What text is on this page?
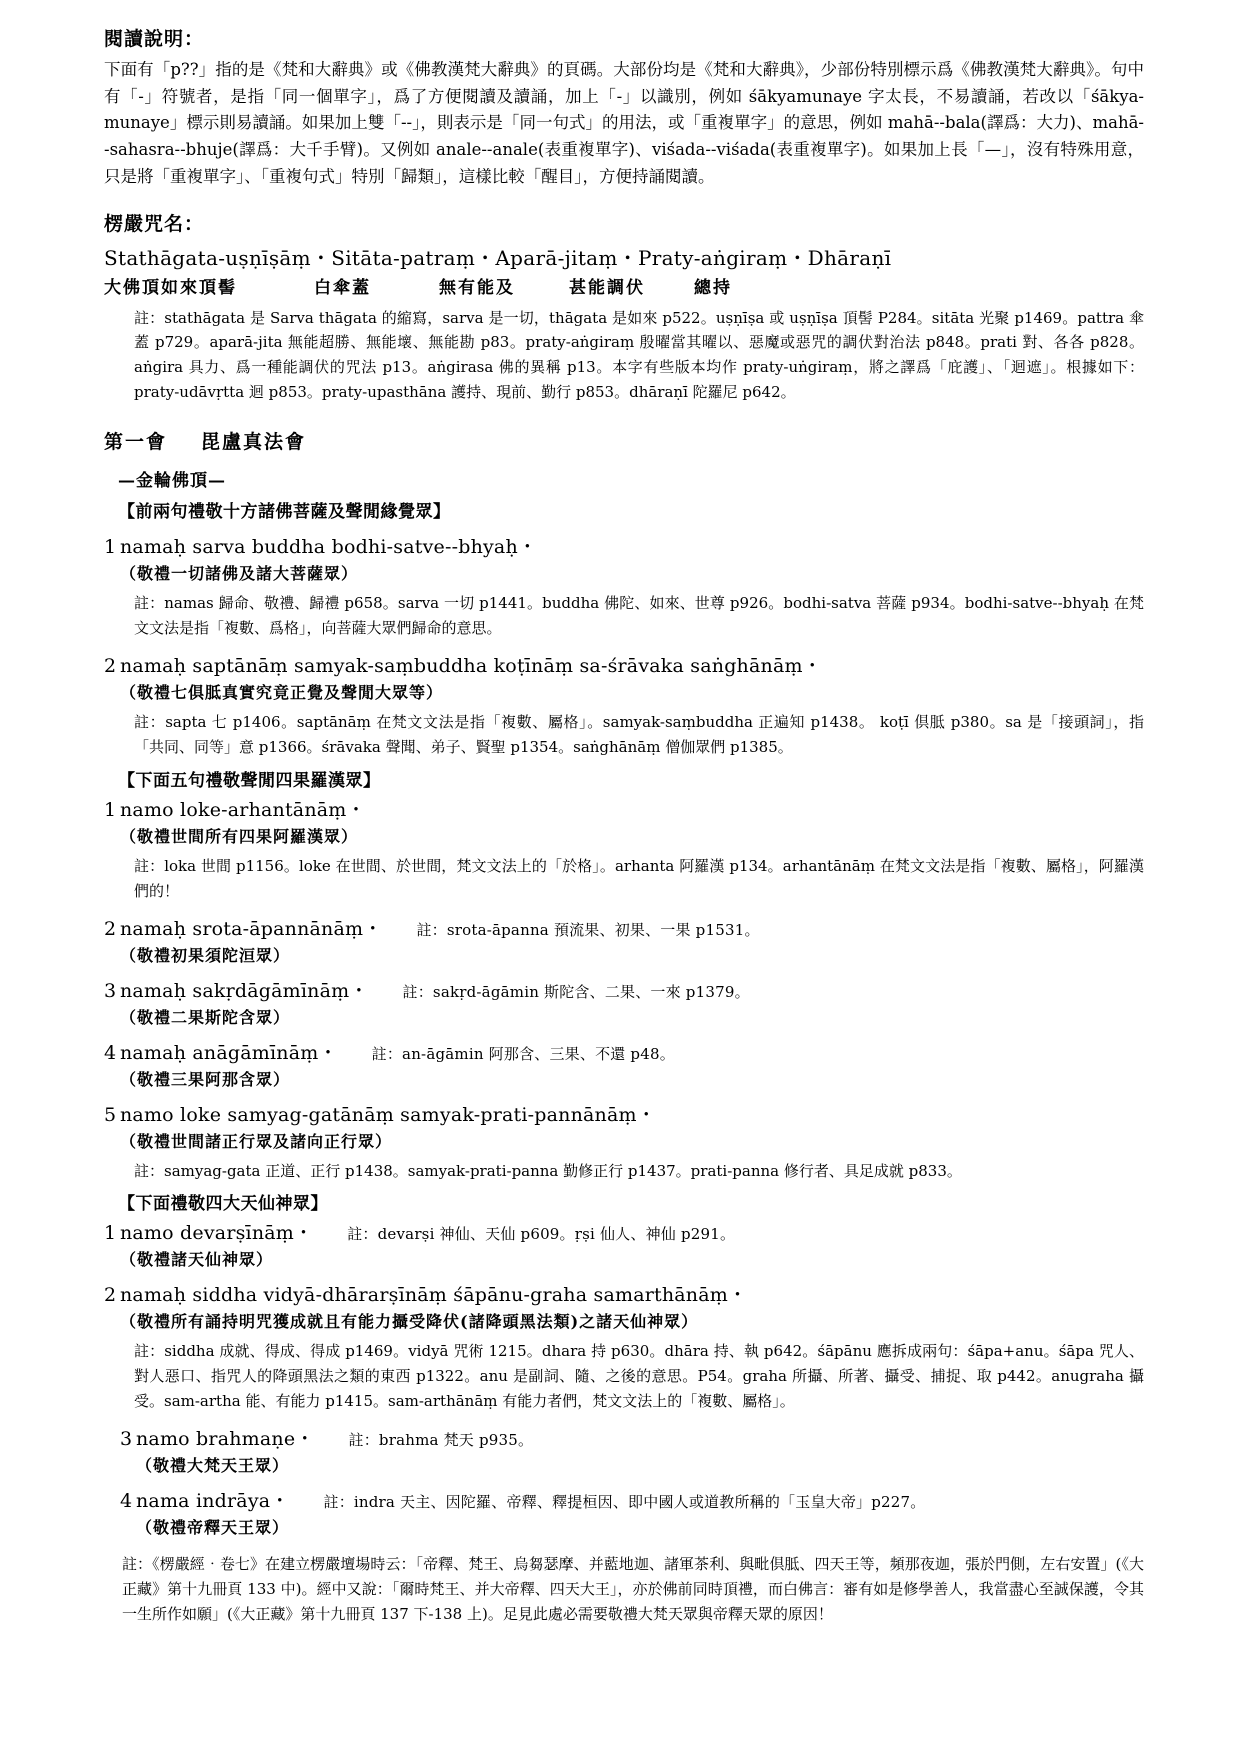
閱讀說明：
下面有「p??」指的是《梵和大辭典》或《佛教漢梵大辭典》的頁碼。大部份均是《梵和大辭典》，少部份特別標示爲《佛教漢梵大辭典》。句中有「-」符號者，是指「同一個單字」，爲了方便閱讀及讀誦，加上「-」以識別，例如 śākyamunaye 字太長，不易讀誦，若改以「śākya-munaye」標示則易讀誦。如果加上雙「--」，則表示是「同一句式」的用法，或「重複單字」的意思，例如 mahā--bala(譯爲：大力)、mahā--sahasra--bhuje(譯爲：大千手臂)。又例如 anale--anale(表重複單字)、viśada--viśada(表重複單字)。如果加上長「—」，沒有特殊用意，只是將「重複單字」、「重複句式」特別「歸類」，這樣比較「醒目」，方便持誦閱讀。
楞嚴咒名：
Stathāgata-uṣṇīṣāṃ・Sitāta-patraṃ・Aparā-jitaṃ・Praty-aṅgiraṃ・Dhāraṇī
大佛頂如來頂髻	白傘蓋	無有能及	甚能調伏	總持
註：stathāgata 是 Sarva thāgata 的縮寫，sarva 是一切，thāgata 是如來 p522。uṣṇīṣa 或 uṣṇīṣa 頂髻 P284。sitāta 光聚 p1469。pattra 傘蓋 p729。aparā-jita 無能超勝、無能壞、無能勘 p83。praty-aṅgiraṃ 殷曜當其曜以、惡魔或惡咒的調伏對治法 p848。prati 對、各各 p828。aṅgira 具力、爲一種能調伏的咒法 p13。aṅgirasa 佛的異稱 p13。本字有些版本均作 praty-uṅgiraṃ，將之譯爲「庇護」、「迴遮」。根據如下：praty-udāvṛtta 迴 p853。praty-upasthāna 護持、現前、勤行 p853。dhāraṇī 陀羅尼 p642。
第一會 毘盧真法會
—金輪佛頂—
【前兩句禮敬十方諸佛菩薩及聲閒緣覺眾】
1 namaḥ sarva buddha bodhi-satve--bhyaḥ・
（敬禮一切諸佛及諸大菩薩眾）
註：namas 歸命、敬禮、歸禮 p658。sarva 一切 p1441。buddha 佛陀、如來、世尊 p926。bodhi-satva 菩薩 p934。bodhi-satve--bhyaḥ 在梵文文法是指「複數、爲格」，向菩薩大眾們歸命的意思。
2 namaḥ saptānāṃ samyak-saṃbuddha koṭīnāṃ sa-śrāvaka saṅghānāṃ・
（敬禮七俱胝真實究竟正覺及聲閒大眾等）
註：sapta 七 p1406。saptānāṃ 在梵文文法是指「複數、屬格」。samyak-saṃbuddha 正遍知 p1438。 koṭī 倶胝 p380。sa 是「接頭詞」，指「共同、同等」意 p1366。śrāvaka 聲聞、弟子、賢聖 p1354。saṅghānāṃ 僧伽眾們 p1385。
【下面五句禮敬聲閒四果羅漢眾】
1 namo loke-arhantānāṃ・
（敬禮世間所有四果阿羅漢眾）
註：loka 世間 p1156。loke 在世間、於世間，梵文文法上的「於格」。arhanta 阿羅漢 p134。arhantānāṃ 在梵文文法是指「複數、屬格」，阿羅漢們的！
2 namaḥ srota-āpannānāṃ・ 註：srota-āpanna 預流果、初果、一果 p1531。
（敬禮初果須陀洹眾）
3 namaḥ sakṛdāgāmīnāṃ・ 註：sakṛd-āgāmin 斯陀含、二果、一來 p1379。
（敬禮二果斯陀含眾）
4 namaḥ anāgāmīnāṃ・ 註：an-āgāmin 阿那含、三果、不還 p48。
（敬禮三果阿那含眾）
5 namo loke samyag-gatānāṃ samyak-prati-pannānāṃ・
（敬禮世間諸正行眾及諸向正行眾）
註：samyag-gata 正道、正行 p1438。samyak-prati-panna 勤修正行 p1437。prati-panna 修行者、具足成就 p833。
【下面禮敬四大天仙神眾】
1 namo devarṣīnāṃ・ 註：devarṣi 神仙、天仙 p609。ṛṣi 仙人、神仙 p291。
（敬禮諸天仙神眾）
2 namaḥ siddha vidyā-dhārarṣīnāṃ śāpānu-graha samarthānāṃ・
（敬禮所有誦持明咒獲成就且有能力攝受降伏(諸降頭黑法類)之諸天仙神眾）
註：siddha 成就、得成、得成 p1469。vidyā 咒術 1215。dhara 持 p630。dhāra 持、執 p642。śāpānu 應拆成兩句：śāpa+anu。śāpa 咒人、對人惡口、指咒人的降頭黑法之類的東西 p1322。anu 是副詞、隨、之後的意思。P54。graha 所攝、所著、攝受、捕捉、取 p442。anugraha 攝受。sam-artha 能、有能力 p1415。sam-arthānāṃ 有能力者們，梵文文法上的「複數、屬格」。
3 namo brahmaṇe・ 註：brahma 梵天 p935。
（敬禮大梵天王眾）
4 nama indrāya・ 註：indra 天主、因陀羅、帝釋、釋提桓因、即中國人或道教所稱的「玉皇大帝」p227。
（敬禮帝釋天王眾）
註：《楞嚴經‧卷七》在建立楞嚴壇場時云：「帝釋、梵王、烏芻瑟摩、并藍地迦、諸軍茶利、與毗倶胝、四天王等，頻那夜迦，張於門側，左右安置」(《大正藏》第十九冊頁 133 中)。經中又說：「爾時梵王、并大帝釋、四天大王」，亦於佛前同時頂禮，而白佛言：審有如是修學善人，我當盡心至誠保護，令其一生所作如願」(《大正藏》第十九冊頁 137 下-138 上)。足見此處必需要敬禮大梵天眾與帝釋天眾的原因！
